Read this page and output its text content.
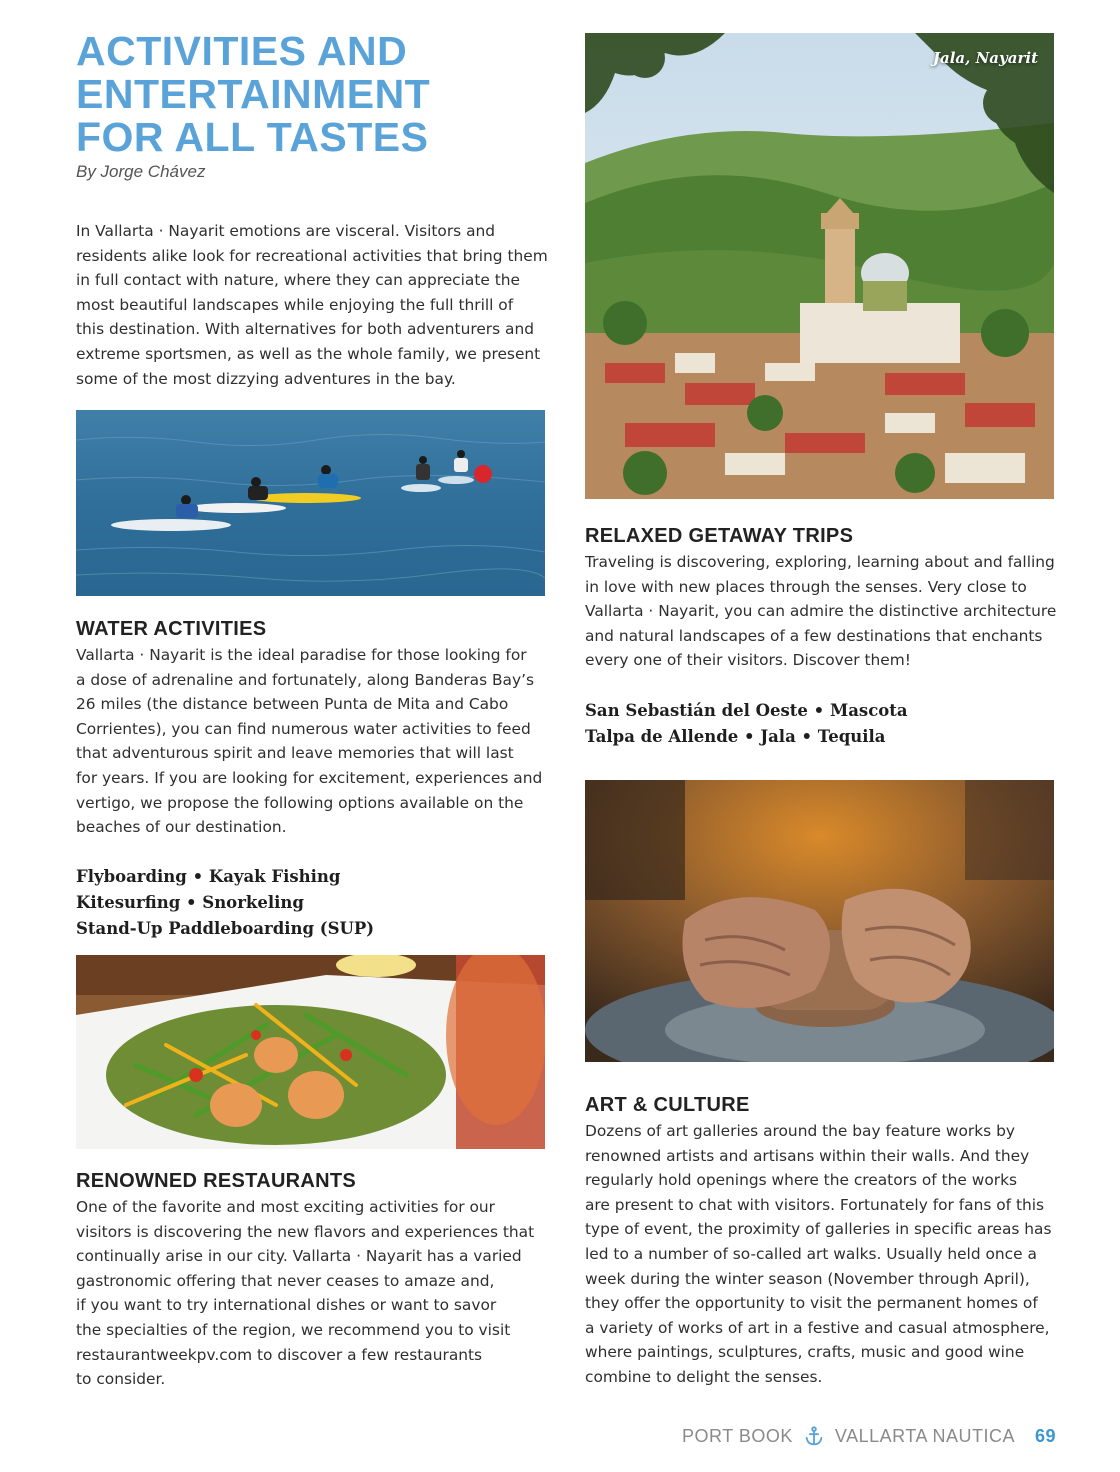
ACTIVITIES AND
ENTERTAINMENT
FOR ALL TASTES
By Jorge Chávez
In Vallarta · Nayarit emotions are visceral. Visitors and
residents alike look for recreational activities that bring them
in full contact with nature, where they can appreciate the
most beautiful landscapes while enjoying the full thrill of
this destination. With alternatives for both adventurers and
extreme sportsmen, as well as the whole family, we present
some of the most dizzying adventures in the bay.
WATER ACTIVITIES
Vallarta · Nayarit is the ideal paradise for those looking for
a dose of adrenaline and fortunately, along Banderas Bay’s
26 miles (the distance between Punta de Mita and Cabo
Corrientes), you can find numerous water activities to feed
that adventurous spirit and leave memories that will last
for years. If you are looking for excitement, experiences and
vertigo, we propose the following options available on the
beaches of our destination.
Flyboarding • Kayak Fishing
Kitesurfing • Snorkeling
Stand-Up Paddleboarding (SUP)
RENOWNED RESTAURANTS
One of the favorite and most exciting activities for our
visitors is discovering the new flavors and experiences that
continually arise in our city. Vallarta · Nayarit has a varied
gastronomic offering that never ceases to amaze and,
if you want to try international dishes or want to savor
the specialties of the region, we recommend you to visit
restaurantweekpv.com to discover a few restaurants
to consider.
Jala, Nayarit
RELAXED GETAWAY TRIPS
Traveling is discovering, exploring, learning about and falling
in love with new places through the senses. Very close to
Vallarta · Nayarit, you can admire the distinctive architecture
and natural landscapes of a few destinations that enchants
every one of their visitors. Discover them!
San Sebastián del Oeste • Mascota
Talpa de Allende • Jala • Tequila
ART & CULTURE
Dozens of art galleries around the bay feature works by
renowned artists and artisans within their walls. And they
regularly hold openings where the creators of the works
are present to chat with visitors. Fortunately for fans of this
type of event, the proximity of galleries in specific areas has
led to a number of so-called art walks. Usually held once a
week during the winter season (November through April),
they offer the opportunity to visit the permanent homes of
a variety of works of art in a festive and casual atmosphere,
where paintings, sculptures, crafts, music and good wine
combine to delight the senses.
PORT BOOK VALLARTA NAUTICA 69
